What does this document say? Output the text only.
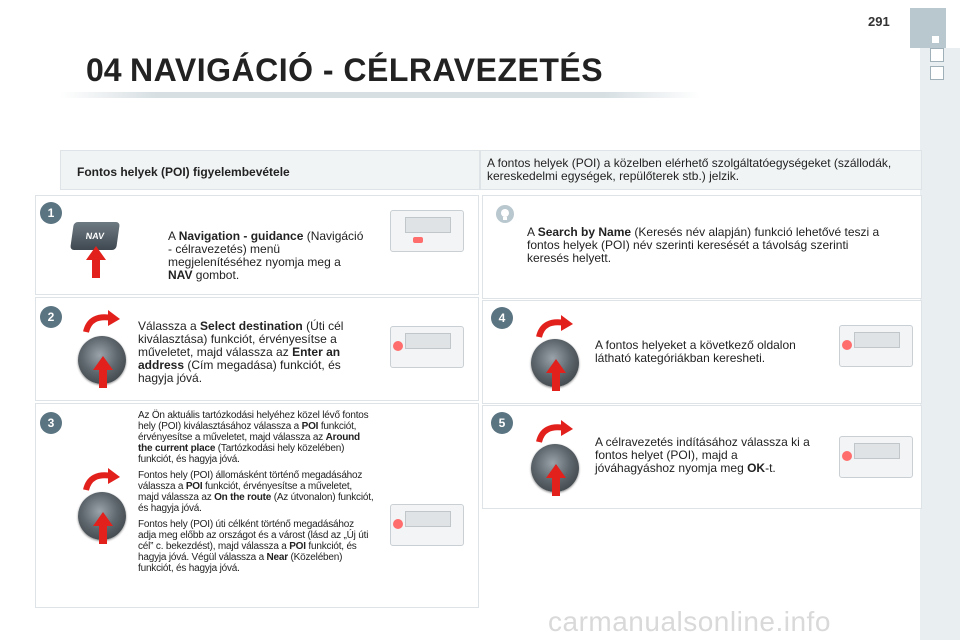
291
04 NAVIGÁCIÓ - CÉLRAVEZETÉS
Fontos helyek (POI) figyelembevétele
A fontos helyek (POI) a közelben elérhető szolgáltatóegységeket (szállodák, kereskedelmi egységek, repülőterek stb.) jelzik.
1
NAV	A Navigation - guidance (Navigáció - célravezetés) menü megjelenítéséhez nyomja meg a NAV gombot.
2
Válassza a Select destination (Úti cél kiválasztása) funkciót, érvényesítse a műveletet, majd válassza az Enter an address (Cím megadása) funkciót, és hagyja jóvá.
3
Az Ön aktuális tartózkodási helyéhez közel lévő fontos hely (POI) kiválasztásához válassza a POI funkciót, érvényesítse a műveletet, majd válassza az Around the current place (Tartózkodási hely közelében) funkciót, és hagyja jóvá.
Fontos hely (POI) állomásként történő megadásához válassza a POI funkciót, érvényesítse a műveletet, majd válassza az On the route (Az útvonalon) funkciót, és hagyja jóvá.
Fontos hely (POI) úti célként történő megadásához adja meg előbb az országot és a várost (lásd az „Új úti cél” c. bekezdést), majd válassza a POI funkciót, és hagyja jóvá. Végül válassza a Near (Közelében) funkciót, és hagyja jóvá.
A Search by Name (Keresés név alapján) funkció lehetővé teszi a fontos helyek (POI) név szerinti keresését a távolság szerinti keresés helyett.
4
A fontos helyeket a következő oldalon látható kategóriákban keresheti.
5
A célravezetés indításához válassza ki a fontos helyet (POI), majd a jóváhagyáshoz nyomja meg OK-t.
carmanualsonline.info
